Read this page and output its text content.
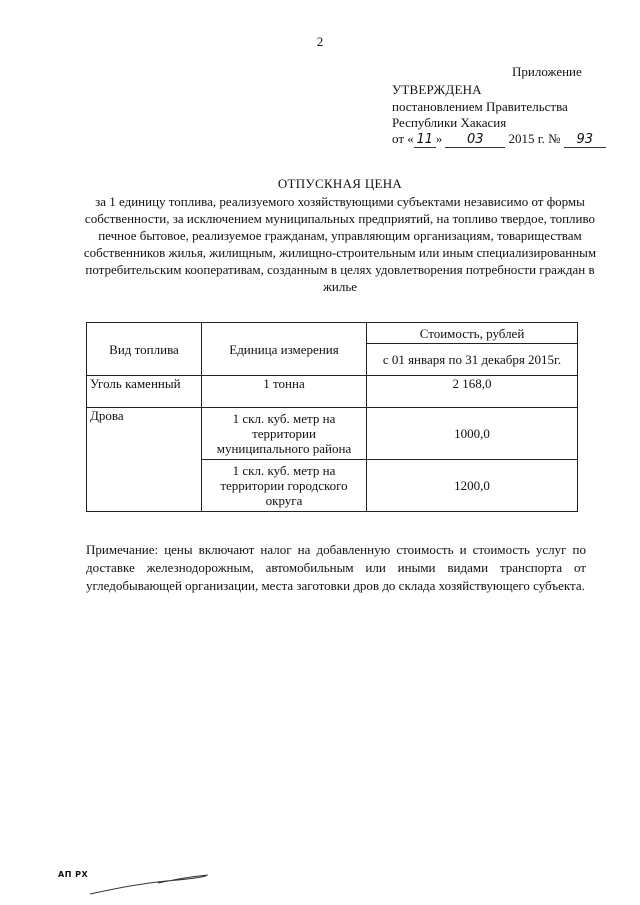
2
Приложение
УТВЕРЖДЕНА
постановлением Правительства
Республики Хакасия
от « 11 » 03 2015 г. № 93
ОТПУСКНАЯ ЦЕНА
за 1 единицу топлива, реализуемого хозяйствующими субъектами независимо от формы собственности, за исключением муниципальных предприятий, на топливо твердое, топливо печное бытовое, реализуемое гражданам, управляющим организациям, товариществам собственников жилья, жилищным, жилищно-строительным или иным специализированным потребительским кооперативам, созданным в целях удовлетворения потребности граждан в жилье
Вид топлива	Единица измерения	Стоимость, рублей
		с 01 января по 31 декабря 2015г.
Уголь каменный	1 тонна	2 168,0
Дрова	1 скл. куб. метр на территории муниципального района	1000,0
	1 скл. куб. метр на территории городского округа	1200,0
Примечание: цены включают налог на добавленную стоимость и стоимость услуг по доставке железнодорожным, автомобильным или иными видами транспорта от угледобывающей организации, места заготовки дров до склада хозяйствующего субъекта.
АП РХ
